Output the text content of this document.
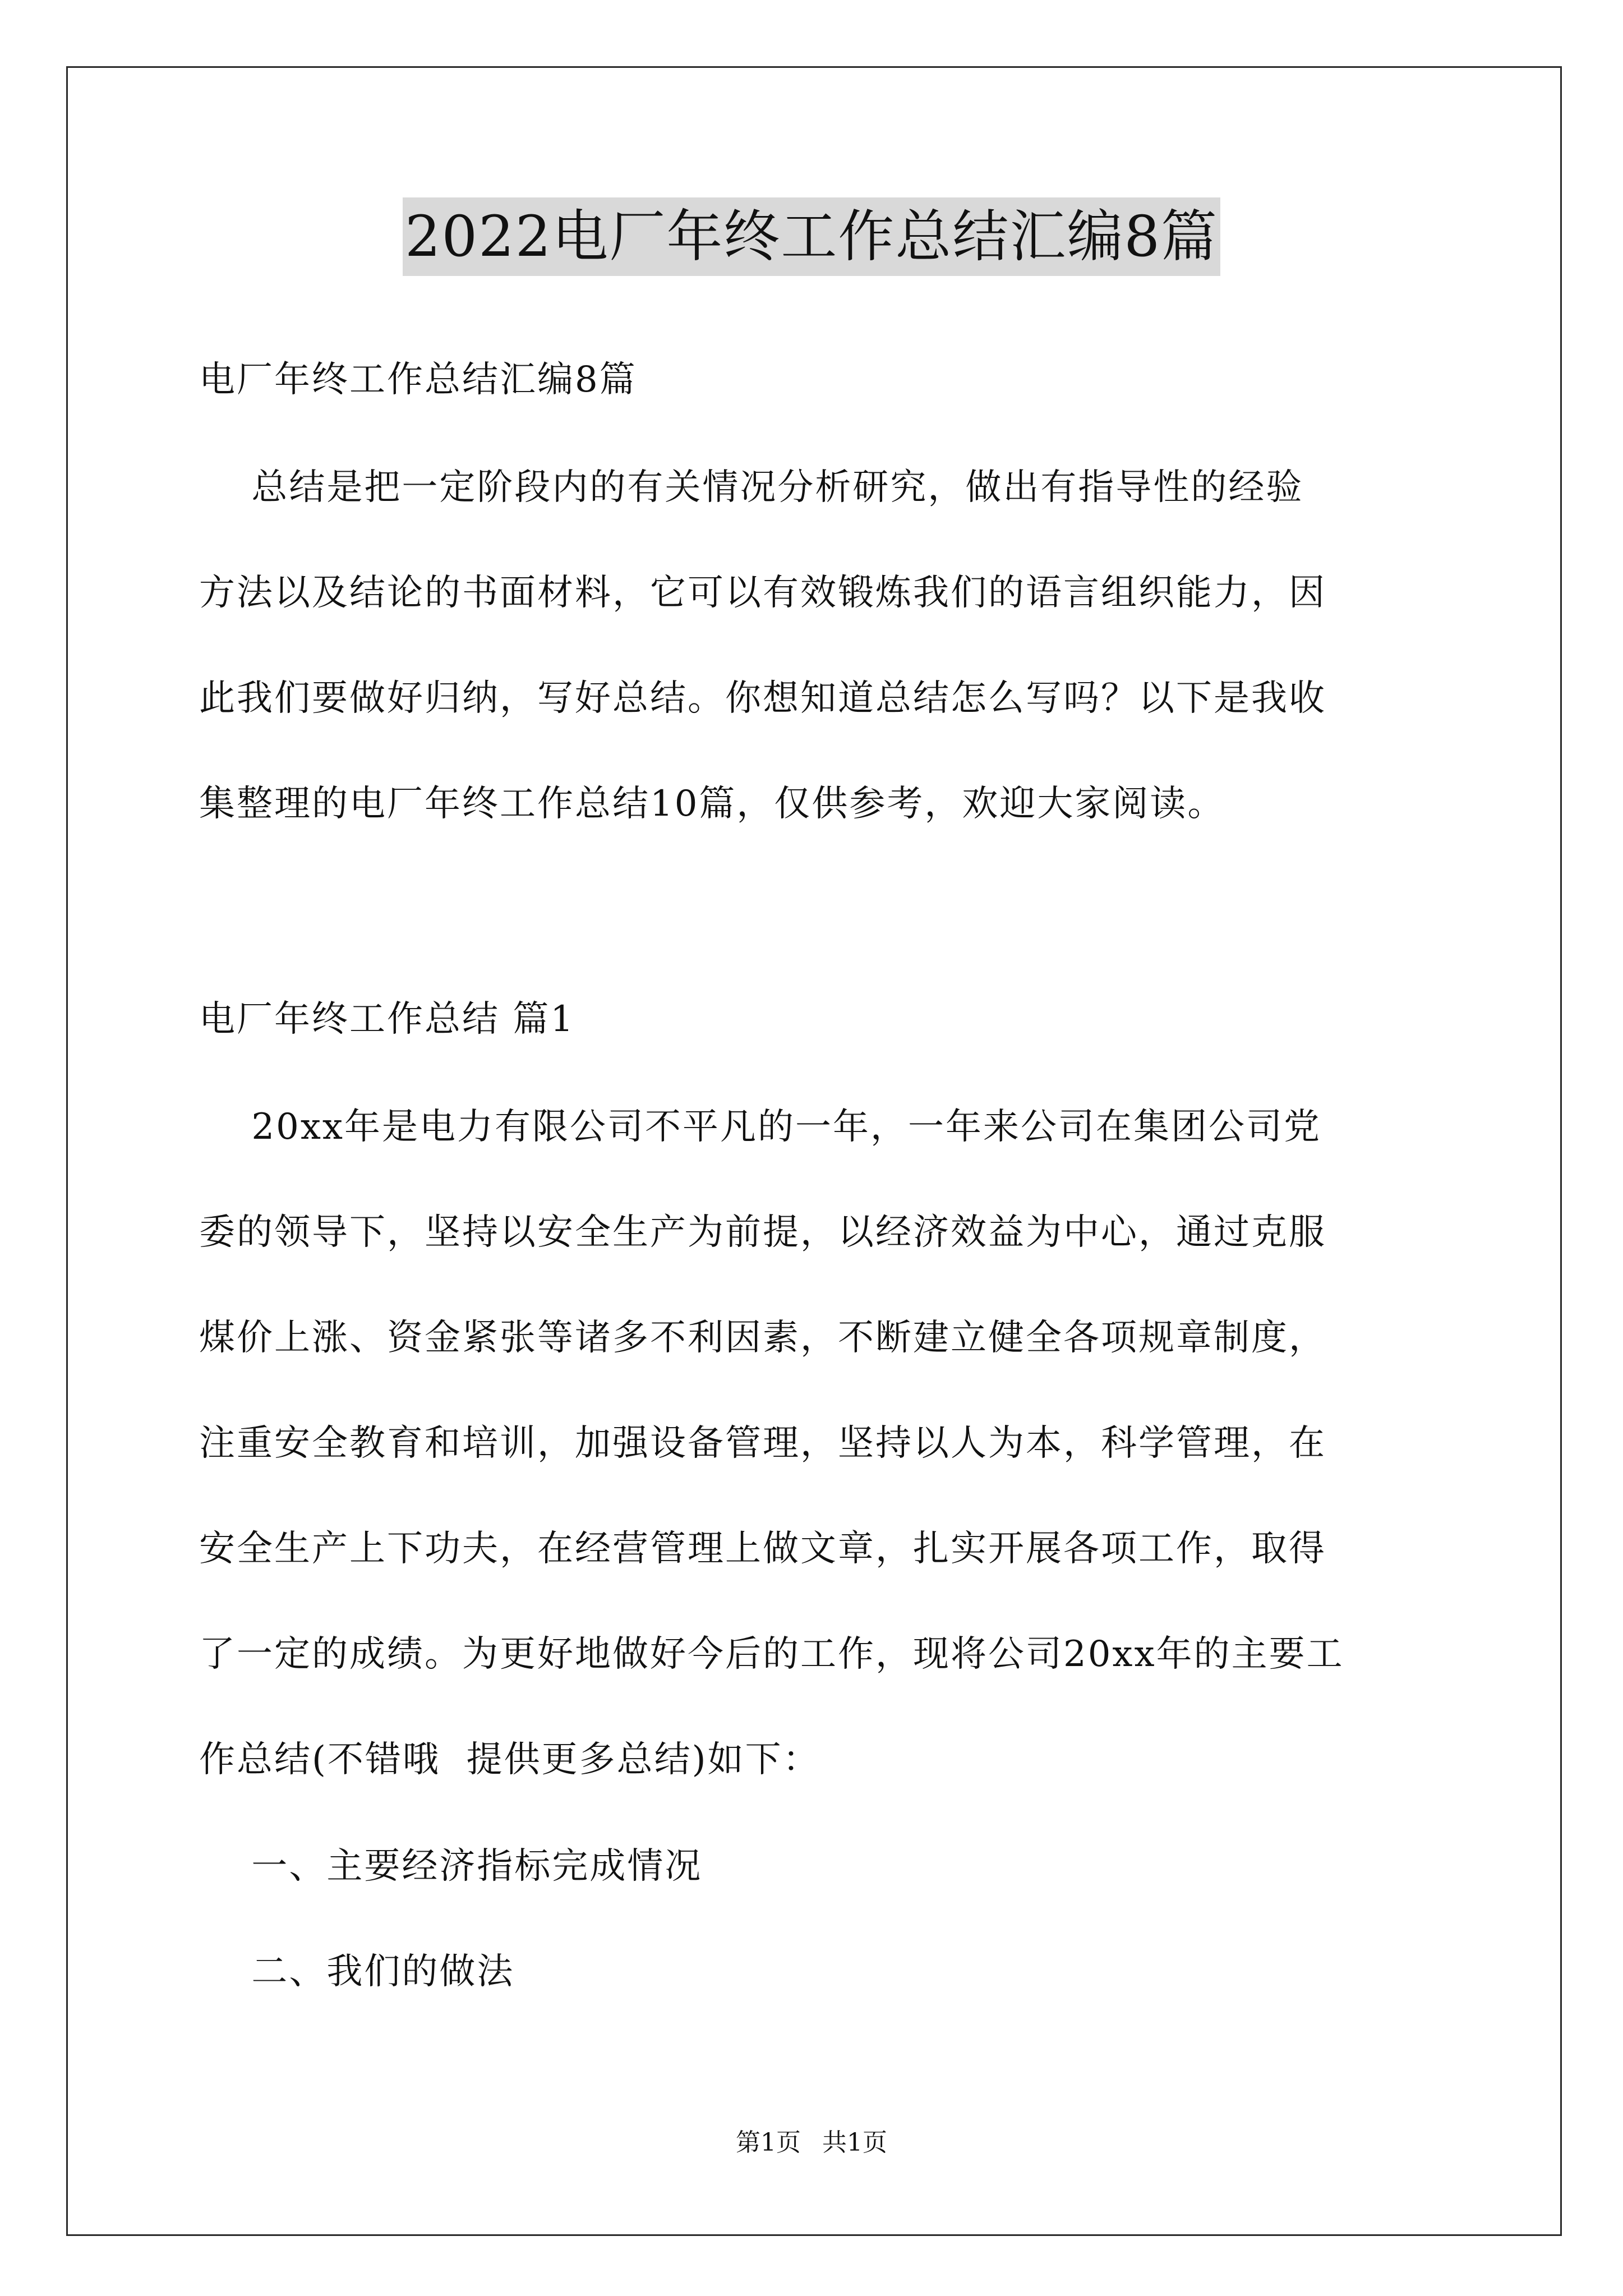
2022电厂年终工作总结汇编8篇

电厂年终工作总结汇编8篇

总结是把一定阶段内的有关情况分析研究，做出有指导性的经验

方法以及结论的书面材料，它可以有效锻炼我们的语言组织能力，因

此我们要做好归纳，写好总结。你想知道总结怎么写吗？以下是我收

集整理的电厂年终工作总结10篇，仅供参考，欢迎大家阅读。

电厂年终工作总结 篇1

20xx年是电力有限公司不平凡的一年，一年来公司在集团公司党

委的领导下，坚持以安全生产为前提，以经济效益为中心，通过克服

煤价上涨、资金紧张等诸多不利因素，不断建立健全各项规章制度，

注重安全教育和培训，加强设备管理，坚持以人为本，科学管理，在

安全生产上下功夫，在经营管理上做文章，扎实开展各项工作，取得

了一定的成绩。为更好地做好今后的工作，现将公司20xx年的主要工

作总结(不错哦  提供更多总结)如下：

一、主要经济指标完成情况

二、我们的做法

第1页 共1页
